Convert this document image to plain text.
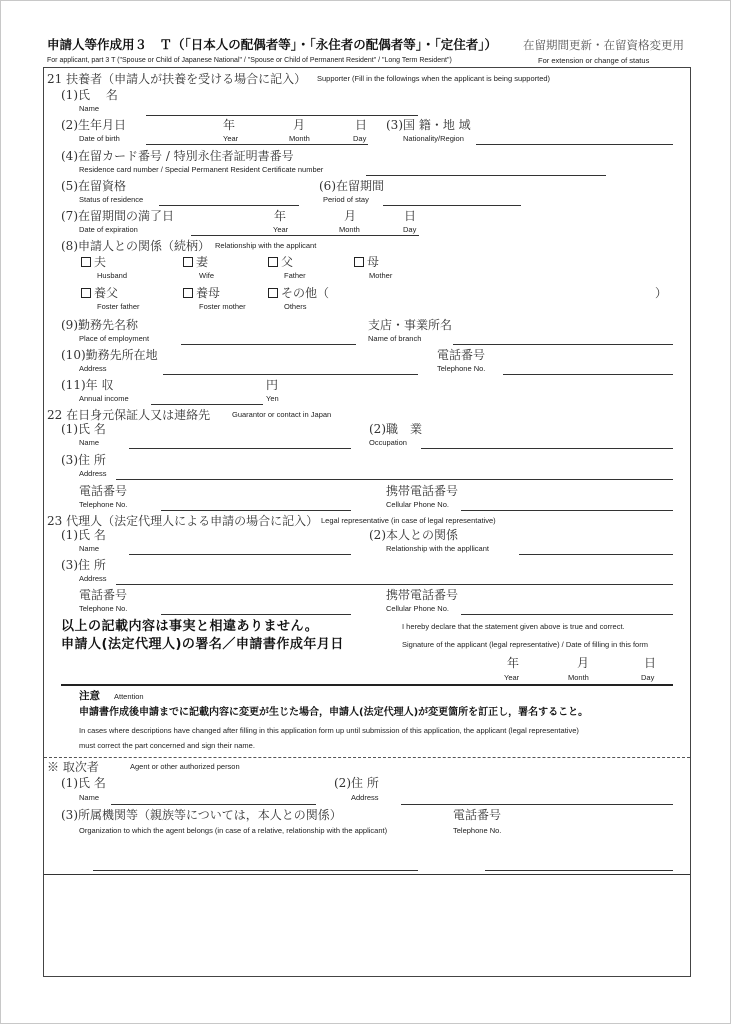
申請人等作成用３　Ｔ（「日本人の配偶者等」・「永住者の配偶者等」・「定住者」）
For applicant, part 3 T ("Spouse or Child of Japanese National" / "Spouse or Child of Permanent Resident" / "Long Term Resident")
在留期間更新・在留資格変更用
For extension or change of status
21 扶養者（申請人が扶養を受ける場合に記入） Supporter (Fill in the followings when the applicant is being supported)
(1)氏　 名
Name
(2)生年月日
Date of birth
年
Year
月
Month
日
Day
(3)国 籍・地 域
Nationality/Region
(4)在留カード番号 / 特別永住者証明書番号
Residence card number / Special Permanent Resident Certificate number
(5)在留資格
Status of residence
(6)在留期間
Period of stay
(7)在留期間の満了日
Date of expiration
年
Year
月
Month
日
Day
(8)申請人との関係（続柄） Relationship with the applicant
夫
Husband
妻
Wife
父
Father
母
Mother
養父
Foster father
養母
Foster mother
その他（
Others
）
(9)勤務先名称
Place of employment
支店・事業所名
Name of branch
(10)勤務先所在地
Address
電話番号
Telephone No.
(11)年 収
Annual income
円
Yen
22 在日身元保証人又は連絡先	Guarantor or contact in Japan
(1)氏 名
Name
(2)職　業
Occupation
(3)住 所
Address
電話番号
Telephone No.
携帯電話番号
Cellular Phone No.
23 代理人（法定代理人による申請の場合に記入） Legal representative (in case of legal representative)
(1)氏 名
Name
(2)本人との関係
Relationship with the appllicant
(3)住 所
Address
電話番号
Telephone No.
携帯電話番号
Cellular Phone No.
以上の記載内容は事実と相違ありません。
申請人(法定代理人)の署名／申請書作成年月日
I hereby declare that the statement given above is true and correct.
Signature of the applicant (legal representative) / Date of filling in this form
年
Year
月
Month
日
Day
注意 Attention
申請書作成後申請までに記載内容に変更が生じた場合，申請人(法定代理人)が変更箇所を訂正し，署名すること。
In cases where descriptions have changed after filling in this application form up until submission of this application, the applicant (legal representative)
must correct the part concerned and sign their name.
※ 取次者	Agent or other authorized person
(1)氏 名
Name
(2)住 所
Address
(3)所属機関等（親族等については，本人との関係）
Organization to which the agent belongs (in case of a relative, relationship with the applicant)
電話番号
Telephone No.
